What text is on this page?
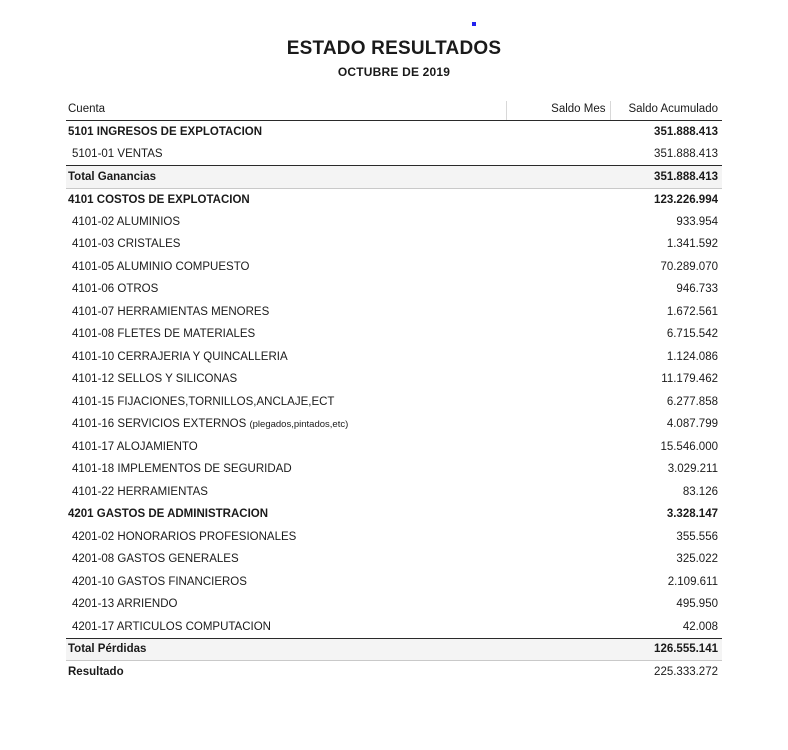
ESTADO RESULTADOS
OCTUBRE DE 2019
Cuenta	Saldo Mes	Saldo Acumulado
5101 INGRESOS DE EXPLOTACION		351.888.413
5101-01 VENTAS		351.888.413
Total Ganancias		351.888.413
4101 COSTOS DE EXPLOTACION		123.226.994
4101-02 ALUMINIOS		933.954
4101-03 CRISTALES		1.341.592
4101-05 ALUMINIO COMPUESTO		70.289.070
4101-06 OTROS		946.733
4101-07 HERRAMIENTAS MENORES		1.672.561
4101-08 FLETES DE MATERIALES		6.715.542
4101-10 CERRAJERIA Y QUINCALLERIA		1.124.086
4101-12 SELLOS Y SILICONAS		11.179.462
4101-15 FIJACIONES,TORNILLOS,ANCLAJE,ECT		6.277.858
4101-16 SERVICIOS EXTERNOS (plegados,pintados,etc)		4.087.799
4101-17 ALOJAMIENTO		15.546.000
4101-18 IMPLEMENTOS DE SEGURIDAD		3.029.211
4101-22 HERRAMIENTAS		83.126
4201 GASTOS DE ADMINISTRACION		3.328.147
4201-02 HONORARIOS PROFESIONALES		355.556
4201-08 GASTOS GENERALES		325.022
4201-10 GASTOS FINANCIEROS		2.109.611
4201-13 ARRIENDO		495.950
4201-17 ARTICULOS COMPUTACION		42.008
Total Pérdidas		126.555.141
Resultado		225.333.272
